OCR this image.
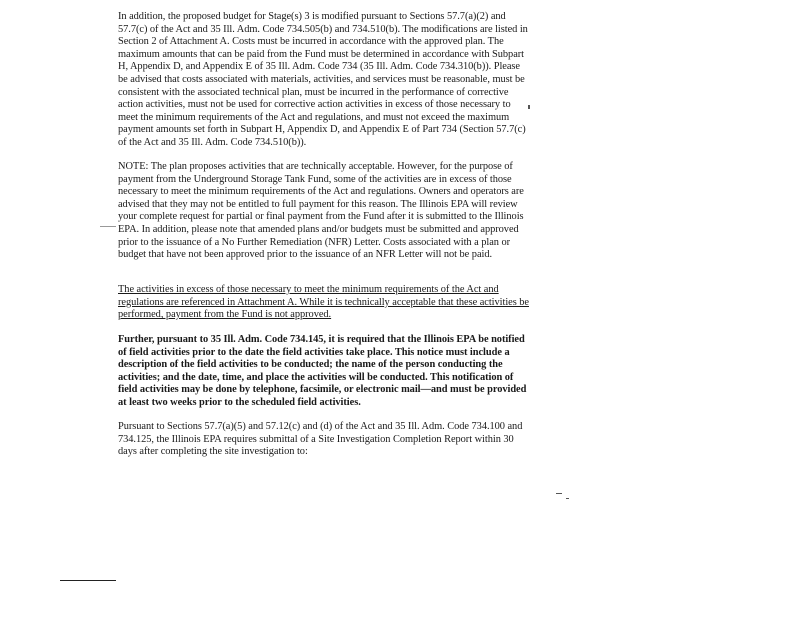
In addition, the proposed budget for Stage(s) 3 is modified pursuant to Sections 57.7(a)(2) and 57.7(c) of the Act and 35 Ill. Adm. Code 734.505(b) and 734.510(b). The modifications are listed in Section 2 of Attachment A. Costs must be incurred in accordance with the approved plan. The maximum amounts that can be paid from the Fund must be determined in accordance with Subpart H, Appendix D, and Appendix E of 35 Ill. Adm. Code 734 (35 Ill. Adm. Code 734.310(b)). Please be advised that costs associated with materials, activities, and services must be reasonable, must be consistent with the associated technical plan, must be incurred in the performance of corrective action activities, must not be used for corrective action activities in excess of those necessary to meet the minimum requirements of the Act and regulations, and must not exceed the maximum payment amounts set forth in Subpart H, Appendix D, and Appendix E of Part 734 (Section 57.7(c) of the Act and 35 Ill. Adm. Code 734.510(b)).

NOTE: The plan proposes activities that are technically acceptable. However, for the purpose of payment from the Underground Storage Tank Fund, some of the activities are in excess of those necessary to meet the minimum requirements of the Act and regulations. Owners and operators are advised that they may not be entitled to full payment for this reason. The Illinois EPA will review your complete request for partial or final payment from the Fund after it is submitted to the Illinois EPA. In addition, please note that amended plans and/or budgets must be submitted and approved prior to the issuance of a No Further Remediation (NFR) Letter. Costs associated with a plan or budget that have not been approved prior to the issuance of an NFR Letter will not be paid.

The activities in excess of those necessary to meet the minimum requirements of the Act and regulations are referenced in Attachment A. While it is technically acceptable that these activities be performed, payment from the Fund is not approved.

Further, pursuant to 35 Ill. Adm. Code 734.145, it is required that the Illinois EPA be notified of field activities prior to the date the field activities take place. This notice must include a description of the field activities to be conducted; the name of the person conducting the activities; and the date, time, and place the activities will be conducted. This notification of field activities may be done by telephone, facsimile, or electronic mail—and must be provided at least two weeks prior to the scheduled field activities.

Pursuant to Sections 57.7(a)(5) and 57.12(c) and (d) of the Act and 35 Ill. Adm. Code 734.100 and 734.125, the Illinois EPA requires submittal of a Site Investigation Completion Report within 30 days after completing the site investigation to:
